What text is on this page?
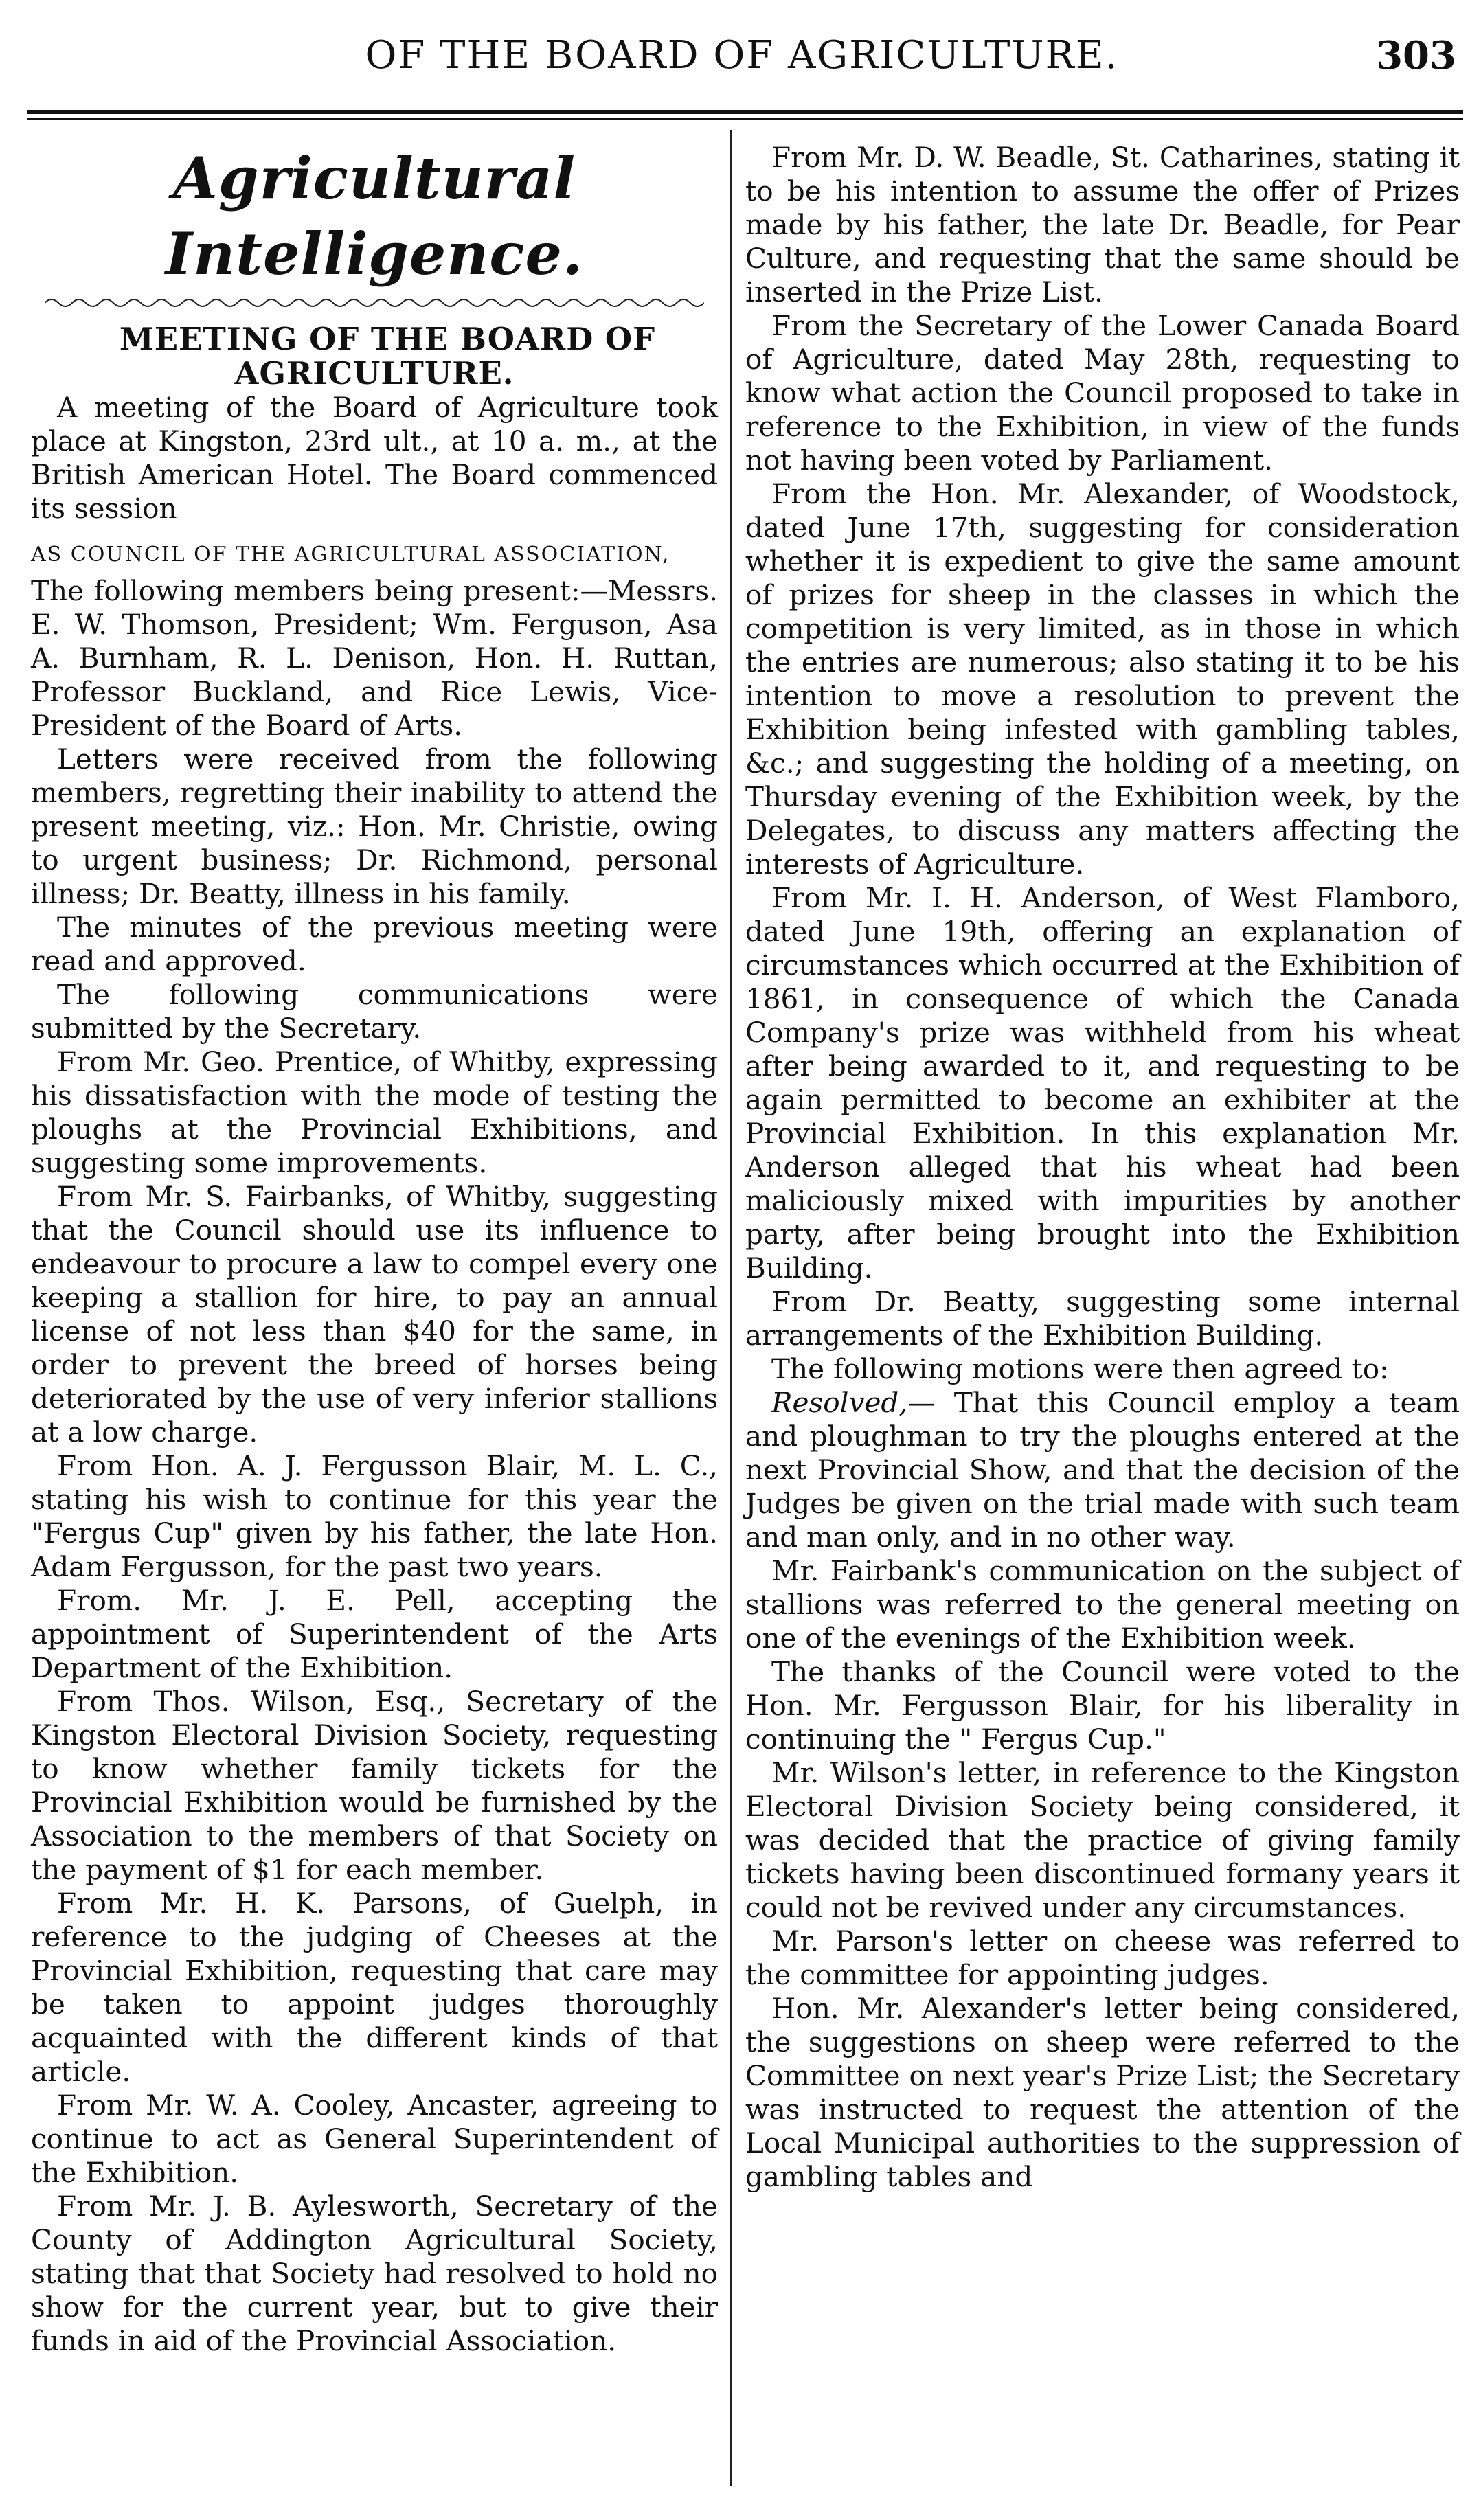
OF THE BOARD OF AGRICULTURE.	303
Agricultural Intelligence.

MEETING OF THE BOARD OF AGRICULTURE.

A meeting of the Board of Agriculture took place at Kingston, 23rd ult., at 10 a. m., at the British American Hotel. The Board commenced its session

AS COUNCIL OF THE AGRICULTURAL ASSOCIATION,

The following members being present:—Messrs. E. W. Thomson, President; Wm. Ferguson, Asa A. Burnham, R. L. Denison, Hon. H. Ruttan, Professor Buckland, and Rice Lewis, Vice-President of the Board of Arts.

Letters were received from the following members, regretting their inability to attend the present meeting, viz.: Hon. Mr. Christie, owing to urgent business; Dr. Richmond, personal illness; Dr. Beatty, illness in his family.

The minutes of the previous meeting were read and approved.

The following communications were submitted by the Secretary.

From Mr. Geo. Prentice, of Whitby, expressing his dissatisfaction with the mode of testing the ploughs at the Provincial Exhibitions, and suggesting some improvements.

From Mr. S. Fairbanks, of Whitby, suggesting that the Council should use its influence to endeavour to procure a law to compel every one keeping a stallion for hire, to pay an annual license of not less than $40 for the same, in order to prevent the breed of horses being deteriorated by the use of very inferior stallions at a low charge.

From Hon. A. J. Fergusson Blair, M. L. C., stating his wish to continue for this year the "Fergus Cup" given by his father, the late Hon. Adam Fergusson, for the past two years.

From. Mr. J. E. Pell, accepting the appointment of Superintendent of the Arts Department of the Exhibition.

From Thos. Wilson, Esq., Secretary of the Kingston Electoral Division Society, requesting to know whether family tickets for the Provincial Exhibition would be furnished by the Association to the members of that Society on the payment of $1 for each member.

From Mr. H. K. Parsons, of Guelph, in reference to the judging of Cheeses at the Provincial Exhibition, requesting that care may be taken to appoint judges thoroughly acquainted with the different kinds of that article.

From Mr. W. A. Cooley, Ancaster, agreeing to continue to act as General Superintendent of the Exhibition.

From Mr. J. B. Aylesworth, Secretary of the County of Addington Agricultural Society, stating that that Society had resolved to hold no show for the current year, but to give their funds in aid of the Provincial Association.

From Mr. D. W. Beadle, St. Catharines, stating it to be his intention to assume the offer of Prizes made by his father, the late Dr. Beadle, for Pear Culture, and requesting that the same should be inserted in the Prize List.

From the Secretary of the Lower Canada Board of Agriculture, dated May 28th, requesting to know what action the Council proposed to take in reference to the Exhibition, in view of the funds not having been voted by Parliament.

From the Hon. Mr. Alexander, of Woodstock, dated June 17th, suggesting for consideration whether it is expedient to give the same amount of prizes for sheep in the classes in which the competition is very limited, as in those in which the entries are numerous; also stating it to be his intention to move a resolution to prevent the Exhibition being infested with gambling tables, &c.; and suggesting the holding of a meeting, on Thursday evening of the Exhibition week, by the Delegates, to discuss any matters affecting the interests of Agriculture.

From Mr. I. H. Anderson, of West Flamboro, dated June 19th, offering an explanation of circumstances which occurred at the Exhibition of 1861, in consequence of which the Canada Company's prize was withheld from his wheat after being awarded to it, and requesting to be again permitted to become an exhibiter at the Provincial Exhibition. In this explanation Mr. Anderson alleged that his wheat had been maliciously mixed with impurities by another party, after being brought into the Exhibition Building.

From Dr. Beatty, suggesting some internal arrangements of the Exhibition Building.

The following motions were then agreed to:

Resolved,— That this Council employ a team and ploughman to try the ploughs entered at the next Provincial Show, and that the decision of the Judges be given on the trial made with such team and man only, and in no other way.

Mr. Fairbank's communication on the subject of stallions was referred to the general meeting on one of the evenings of the Exhibition week.

The thanks of the Council were voted to the Hon. Mr. Fergusson Blair, for his liberality in continuing the " Fergus Cup."

Mr. Wilson's letter, in reference to the Kingston Electoral Division Society being considered, it was decided that the practice of giving family tickets having been discontinued formany years it could not be revived under any circumstances.

Mr. Parson's letter on cheese was referred to the committee for appointing judges.

Hon. Mr. Alexander's letter being considered, the suggestions on sheep were referred to the Committee on next year's Prize List; the Secretary was instructed to request the attention of the Local Municipal authorities to the suppression of gambling tables and
